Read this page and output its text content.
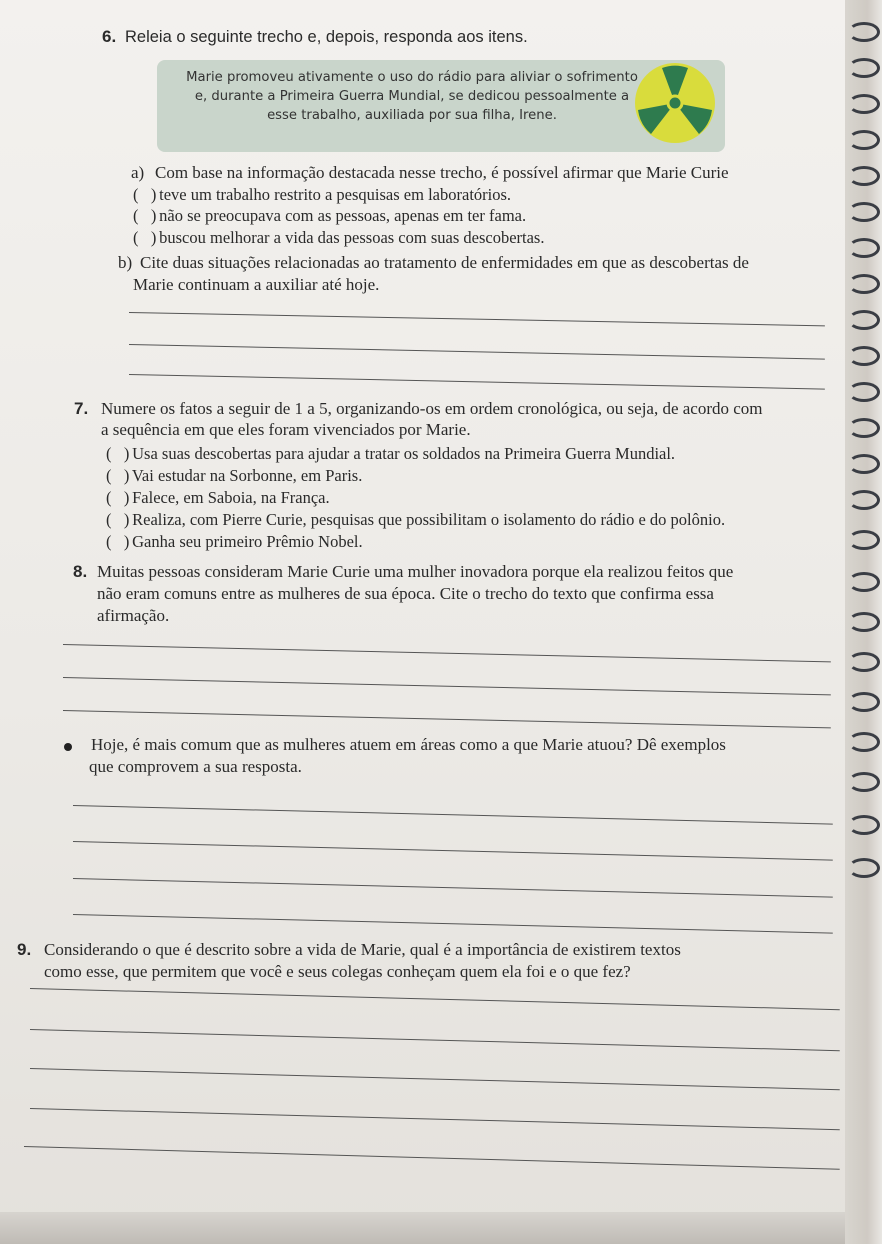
6. Releia o seguinte trecho e, depois, responda aos itens.
Marie promoveu ativamente o uso do rádio para aliviar o sofrimento e, durante a Primeira Guerra Mundial, se dedicou pessoalmente a esse trabalho, auxiliada por sua filha, Irene.
a) Com base na informação destacada nesse trecho, é possível afirmar que Marie Curie
(   ) teve um trabalho restrito a pesquisas em laboratórios.
(   ) não se preocupava com as pessoas, apenas em ter fama.
(   ) buscou melhorar a vida das pessoas com suas descobertas.
b) Cite duas situações relacionadas ao tratamento de enfermidades em que as descobertas de
Marie continuam a auxiliar até hoje.
7. Numere os fatos a seguir de 1 a 5, organizando-os em ordem cronológica, ou seja, de acordo com
a sequência em que eles foram vivenciados por Marie.
(   ) Usa suas descobertas para ajudar a tratar os soldados na Primeira Guerra Mundial.
(   ) Vai estudar na Sorbonne, em Paris.
(   ) Falece, em Saboia, na França.
(   ) Realiza, com Pierre Curie, pesquisas que possibilitam o isolamento do rádio e do polônio.
(   ) Ganha seu primeiro Prêmio Nobel.
8. Muitas pessoas consideram Marie Curie uma mulher inovadora porque ela realizou feitos que
não eram comuns entre as mulheres de sua época. Cite o trecho do texto que confirma essa
afirmação.
Hoje, é mais comum que as mulheres atuem em áreas como a que Marie atuou? Dê exemplos
que comprovem a sua resposta.
9. Considerando o que é descrito sobre a vida de Marie, qual é a importância de existirem textos
como esse, que permitem que você e seus colegas conheçam quem ela foi e o que fez?
